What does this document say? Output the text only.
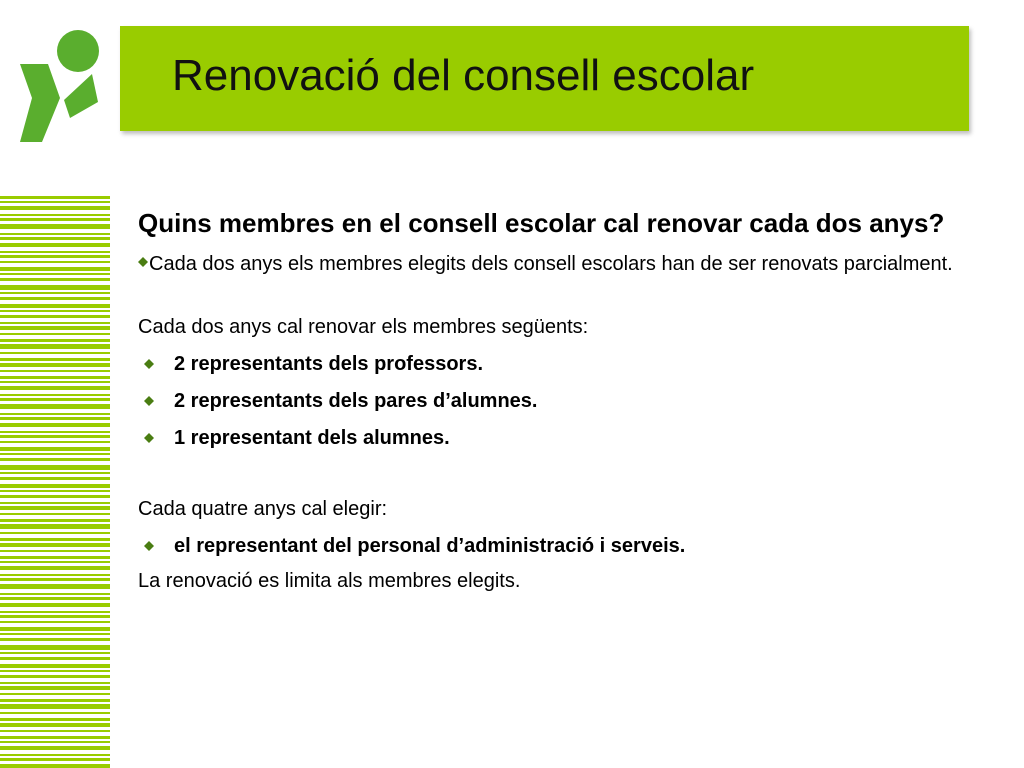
Renovació del consell escolar

Quins membres en el consell escolar cal renovar cada dos anys?

Cada dos anys els membres elegits dels consell escolars han de ser renovats parcialment.

Cada dos anys cal renovar els membres següents:

2 representants dels professors.
2 representants dels pares d’alumnes.
1 representant dels alumnes.

Cada quatre anys cal elegir:

el representant del personal d’administració i serveis.

La renovació es limita als membres elegits.
